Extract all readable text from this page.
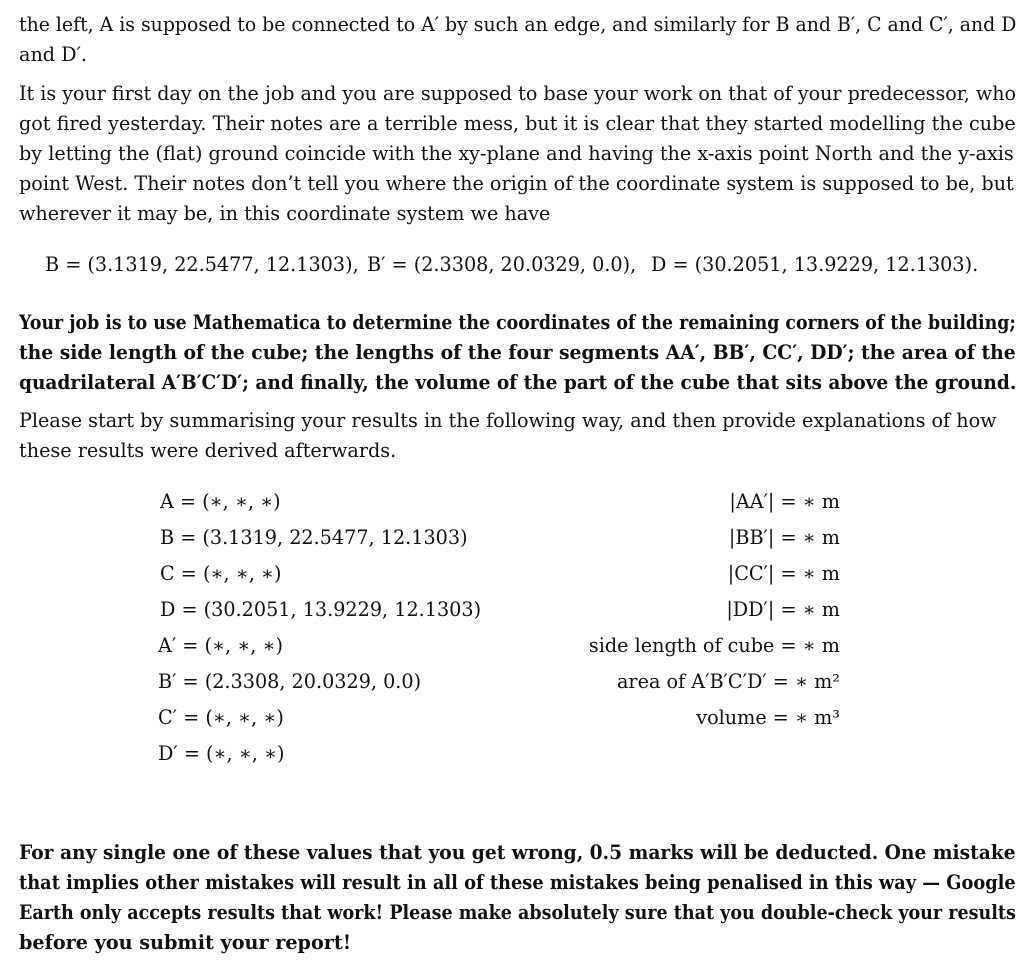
the left, A is supposed to be connected to A′ by such an edge, and similarly for B and B′, C and C′, and D
and D′.
It is your first day on the job and you are supposed to base your work on that of your predecessor, who
got fired yesterday. Their notes are a terrible mess, but it is clear that they started modelling the cube
by letting the (flat) ground coincide with the xy-plane and having the x-axis point North and the y-axis
point West. Their notes don’t tell you where the origin of the coordinate system is supposed to be, but
wherever it may be, in this coordinate system we have
B = (3.1319, 22.5477, 12.1303), B′ = (2.3308, 20.0329, 0.0), D = (30.2051, 13.9229, 12.1303).
Your job is to use Mathematica to determine the coordinates of the remaining corners of the building;
the side length of the cube; the lengths of the four segments AA′, BB′, CC′, DD′; the area of the
quadrilateral A′B′C′D′; and finally, the volume of the part of the cube that sits above the ground.
Please start by summarising your results in the following way, and then provide explanations of how
these results were derived afterwards.
A = (∗, ∗, ∗)
B = (3.1319, 22.5477, 12.1303)
C = (∗, ∗, ∗)
D = (30.2051, 13.9229, 12.1303)
A′ = (∗, ∗, ∗)
B′ = (2.3308, 20.0329, 0.0)
C′ = (∗, ∗, ∗)
D′ = (∗, ∗, ∗)
|AA′| = ∗ m
|BB′| = ∗ m
|CC′| = ∗ m
|DD′| = ∗ m
side length of cube = ∗ m
area of A′B′C′D′ = ∗ m²
volume = ∗ m³
For any single one of these values that you get wrong, 0.5 marks will be deducted. One mistake
that implies other mistakes will result in all of these mistakes being penalised in this way — Google
Earth only accepts results that work! Please make absolutely sure that you double-check your results
before you submit your report!
